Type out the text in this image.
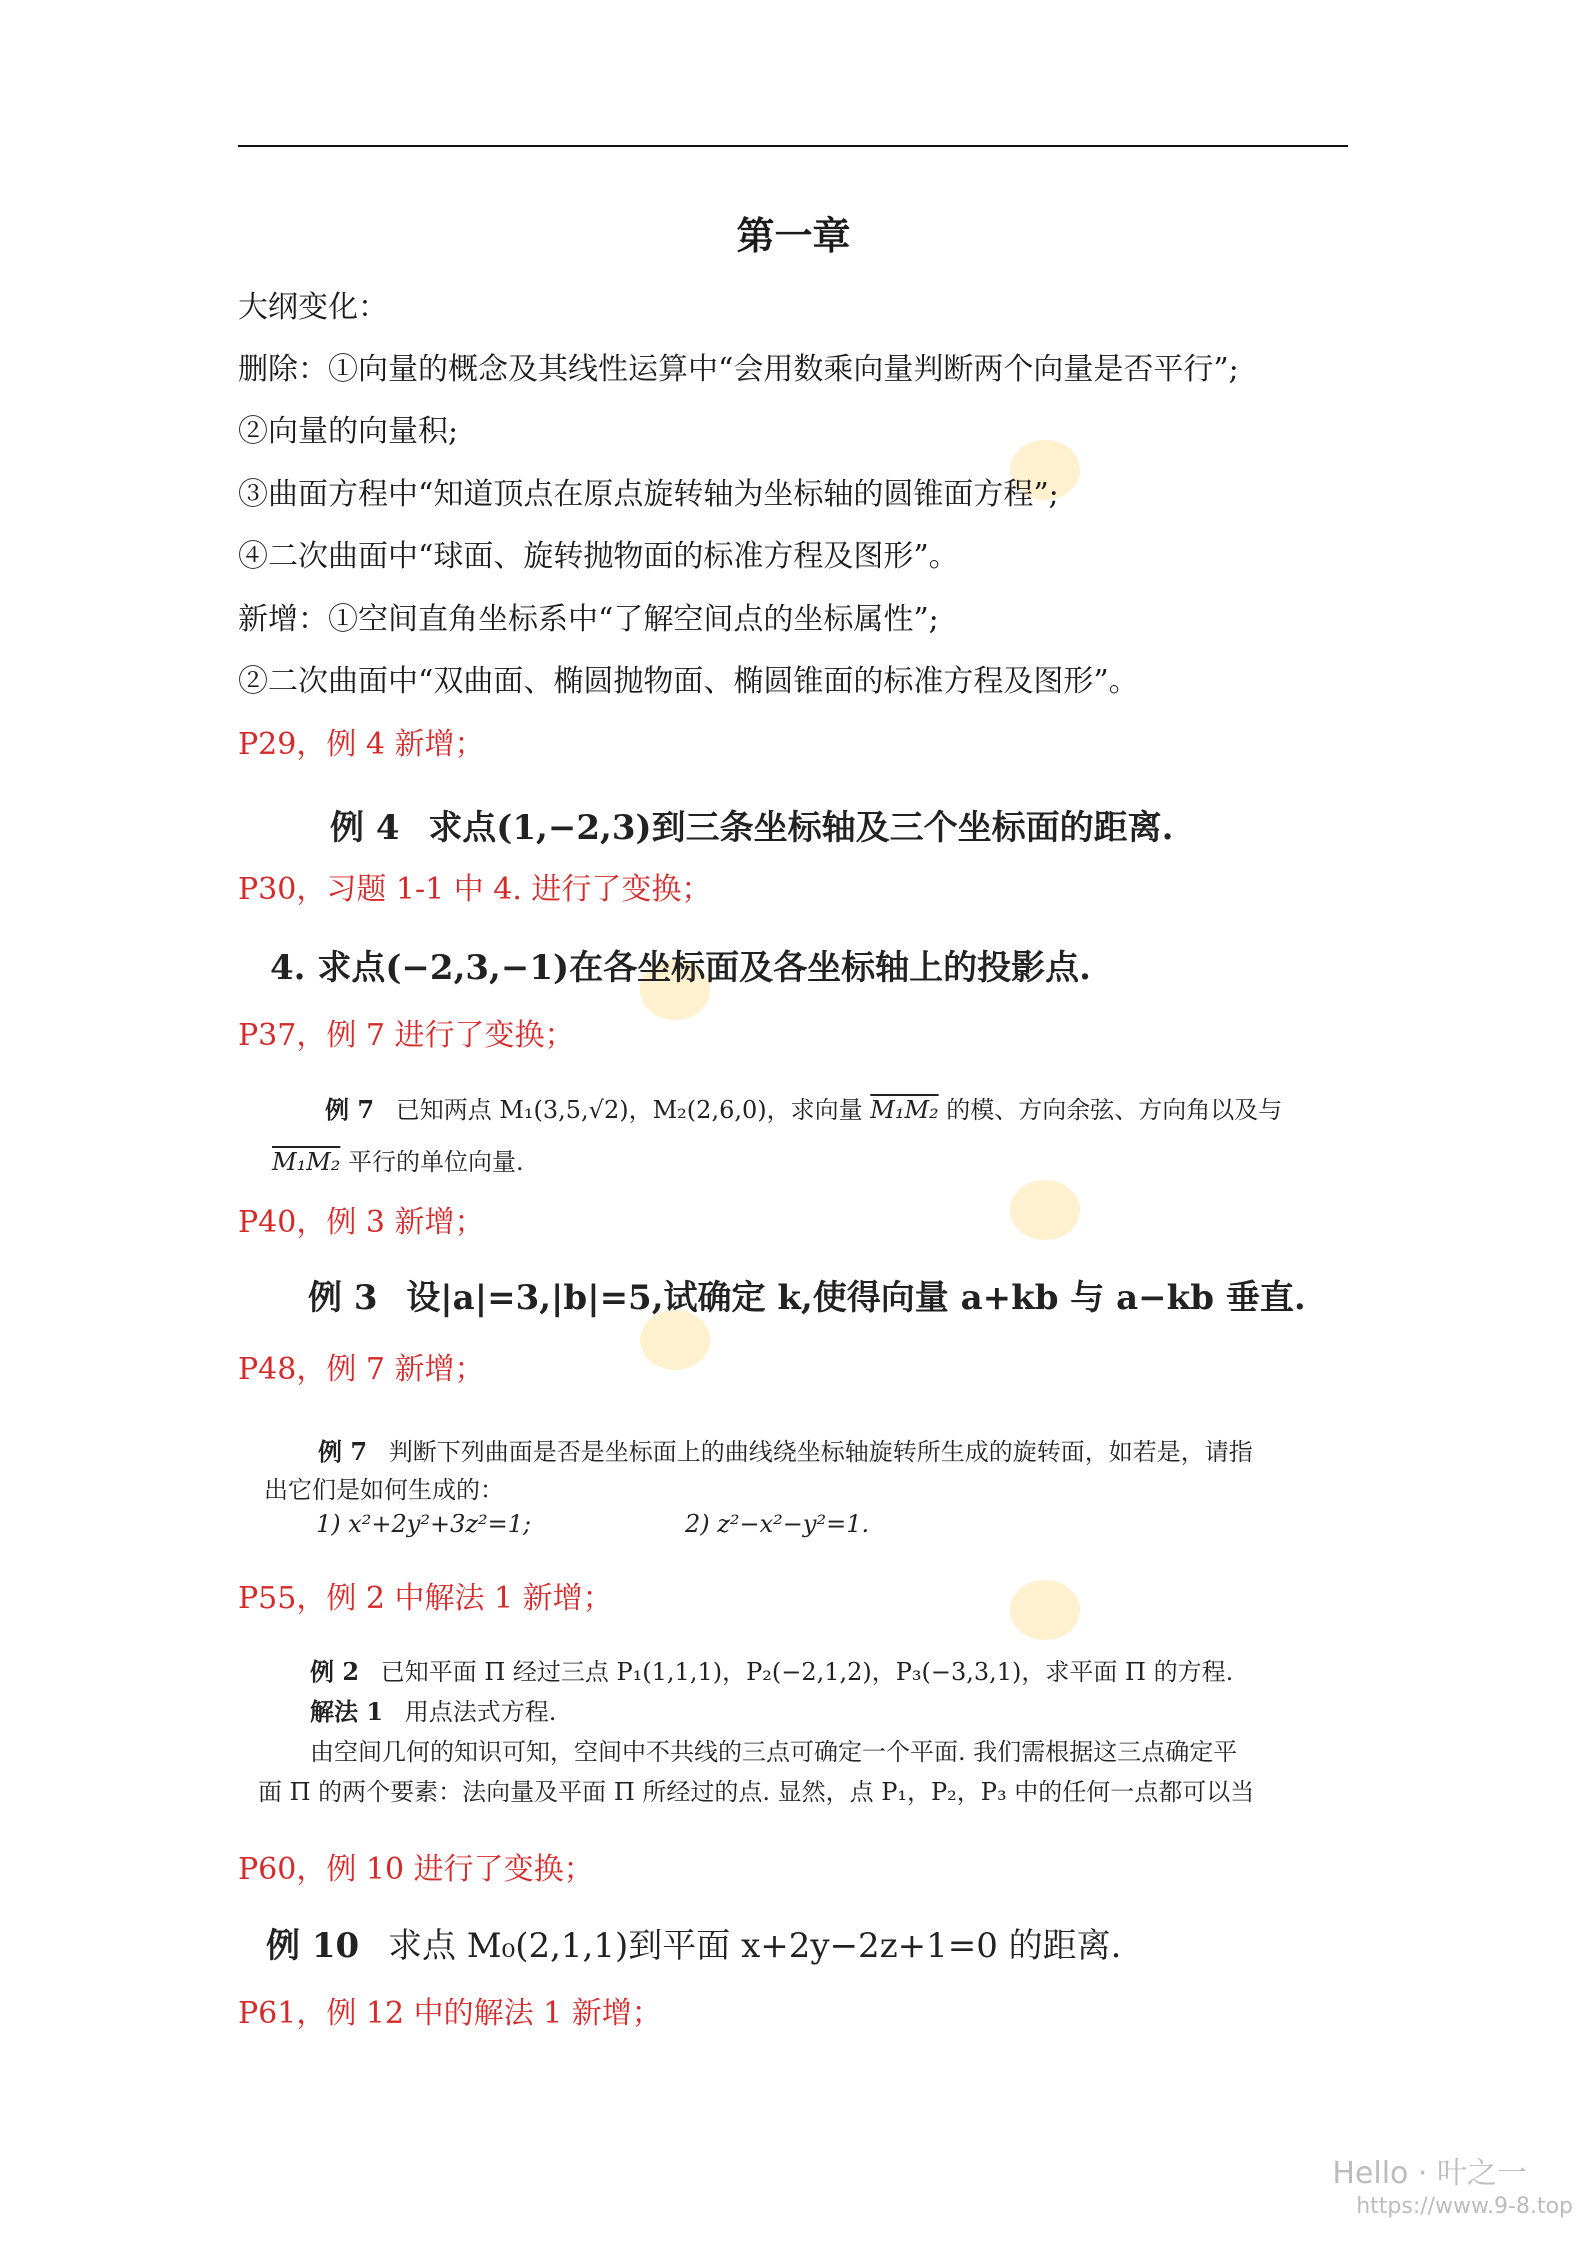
第一章
大纲变化：
删除：①向量的概念及其线性运算中“会用数乘向量判断两个向量是否平行”;
②向量的向量积;
③曲面方程中“知道顶点在原点旋转轴为坐标轴的圆锥面方程”;
④二次曲面中“球面、旋转抛物面的标准方程及图形”。
新增：①空间直角坐标系中“了解空间点的坐标属性”;
②二次曲面中“双曲面、椭圆抛物面、椭圆锥面的标准方程及图形”。
P29，例 4 新增；
例 4 求点(1,−2,3)到三条坐标轴及三个坐标面的距离.
P30，习题 1-1 中 4. 进行了变换；
4. 求点(−2,3,−1)在各坐标面及各坐标轴上的投影点.
P37，例 7 进行了变换；
例 7 已知两点 M₁(3,5,√2)，M₂(2,6,0)，求向量 M₁M₂ 的模、方向余弦、方向角以及与
M₁M₂ 平行的单位向量.
P40，例 3 新增；
例 3 设|a|=3,|b|=5,试确定 k,使得向量 a+kb 与 a−kb 垂直.
P48，例 7 新增；
例 7 判断下列曲面是否是坐标面上的曲线绕坐标轴旋转所生成的旋转面，如若是，请指
出它们是如何生成的：
1) x²+2y²+3z²=1;	2) z²−x²−y²=1.
P55，例 2 中解法 1 新增；
例 2 已知平面 Π 经过三点 P₁(1,1,1)，P₂(−2,1,2)，P₃(−3,3,1)，求平面 Π 的方程.
解法 1 用点法式方程.
由空间几何的知识可知，空间中不共线的三点可确定一个平面. 我们需根据这三点确定平
面 Π 的两个要素：法向量及平面 Π 所经过的点. 显然，点 P₁，P₂，P₃ 中的任何一点都可以当
P60，例 10 进行了变换；
例 10 求点 M₀(2,1,1)到平面 x+2y−2z+1=0 的距离.
P61，例 12 中的解法 1 新增；
Hello · 叶之一
https://www.9-8.top
